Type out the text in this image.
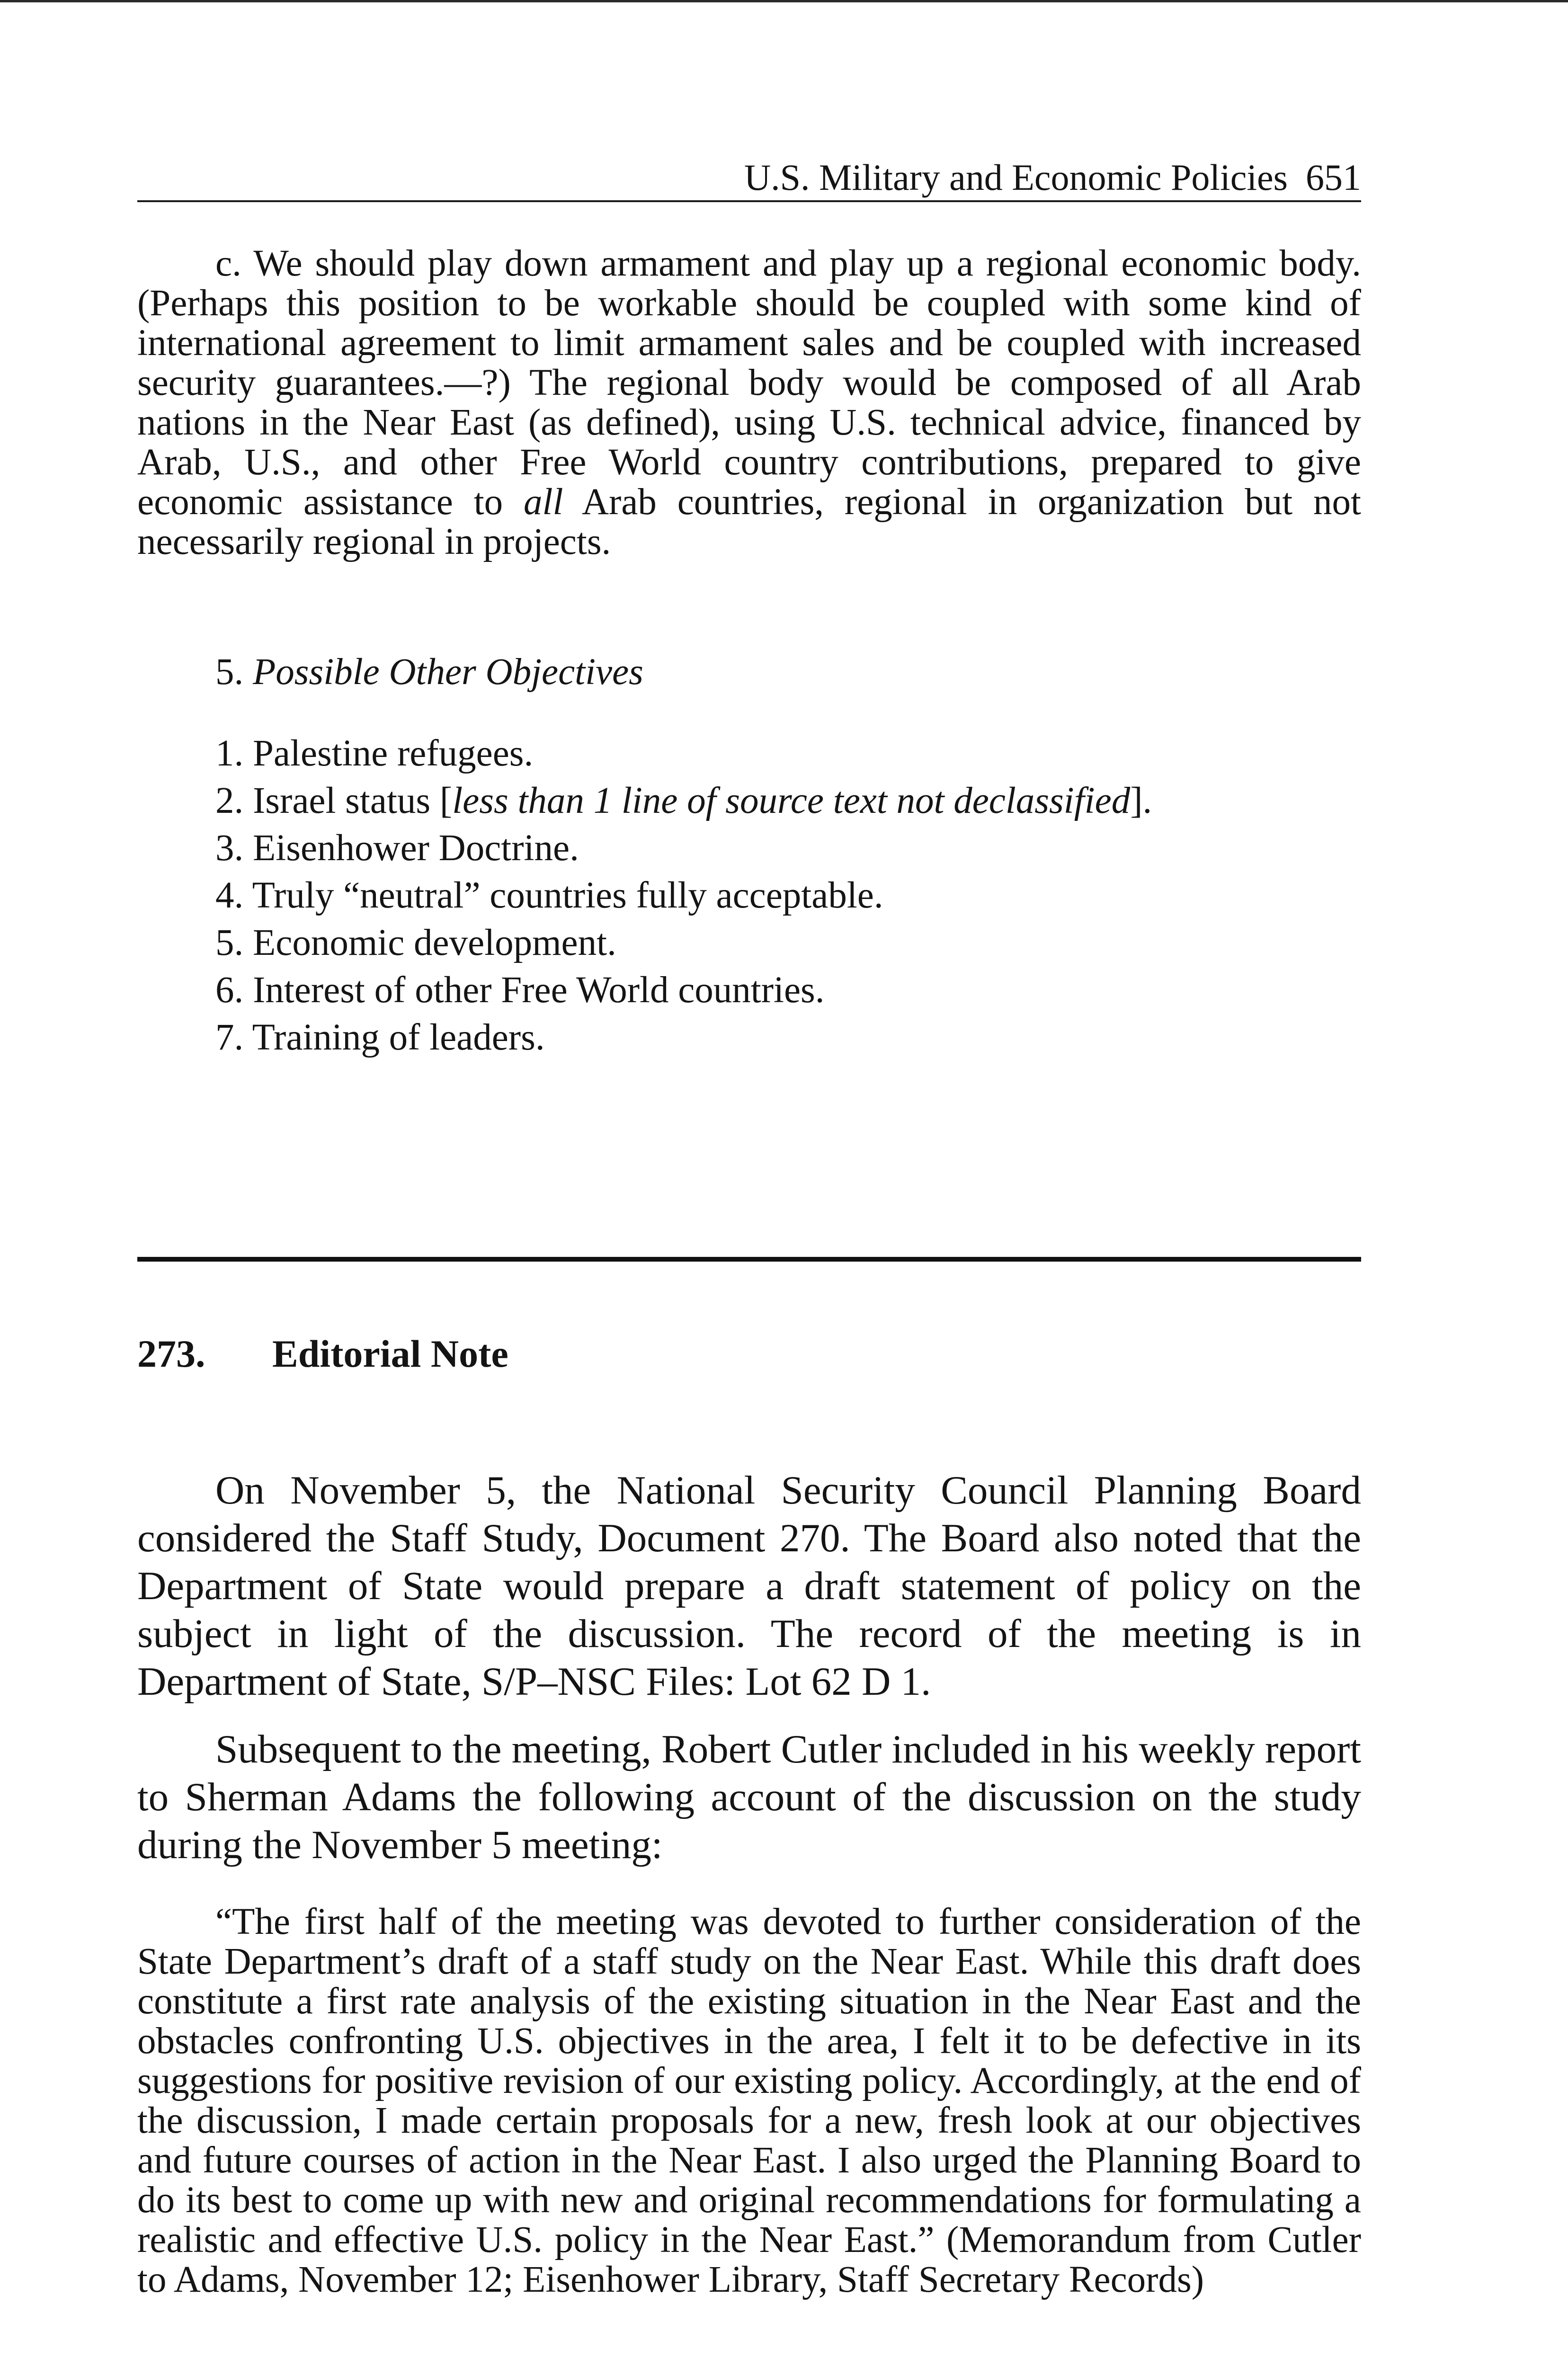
U.S. Military and Economic Policies 651

c. We should play down armament and play up a regional economic body. (Perhaps this position to be workable should be coupled with some kind of international agreement to limit armament sales and be coupled with increased security guarantees.—?) The regional body would be composed of all Arab nations in the Near East (as defined), using U.S. technical advice, financed by Arab, U.S., and other Free World country contributions, prepared to give economic assistance to all Arab countries, regional in organization but not necessarily regional in projects.

5. Possible Other Objectives
1. Palestine refugees.
2. Israel status [less than 1 line of source text not declassified].
3. Eisenhower Doctrine.
4. Truly “neutral” countries fully acceptable.
5. Economic development.
6. Interest of other Free World countries.
7. Training of leaders.
273. Editorial Note

On November 5, the National Security Council Planning Board considered the Staff Study, Document 270. The Board also noted that the Department of State would prepare a draft statement of policy on the subject in light of the discussion. The record of the meeting is in Department of State, S/P–NSC Files: Lot 62 D 1.

Subsequent to the meeting, Robert Cutler included in his weekly report to Sherman Adams the following account of the discussion on the study during the November 5 meeting:

“The first half of the meeting was devoted to further consideration of the State Department’s draft of a staff study on the Near East. While this draft does constitute a first rate analysis of the existing situation in the Near East and the obstacles confronting U.S. objectives in the area, I felt it to be defective in its suggestions for positive revision of our existing policy. Accordingly, at the end of the discussion, I made certain proposals for a new, fresh look at our objectives and future courses of action in the Near East. I also urged the Planning Board to do its best to come up with new and original recommendations for formulating a realistic and effective U.S. policy in the Near East.” (Memorandum from Cutler to Adams, November 12; Eisenhower Library, Staff Secretary Records)
